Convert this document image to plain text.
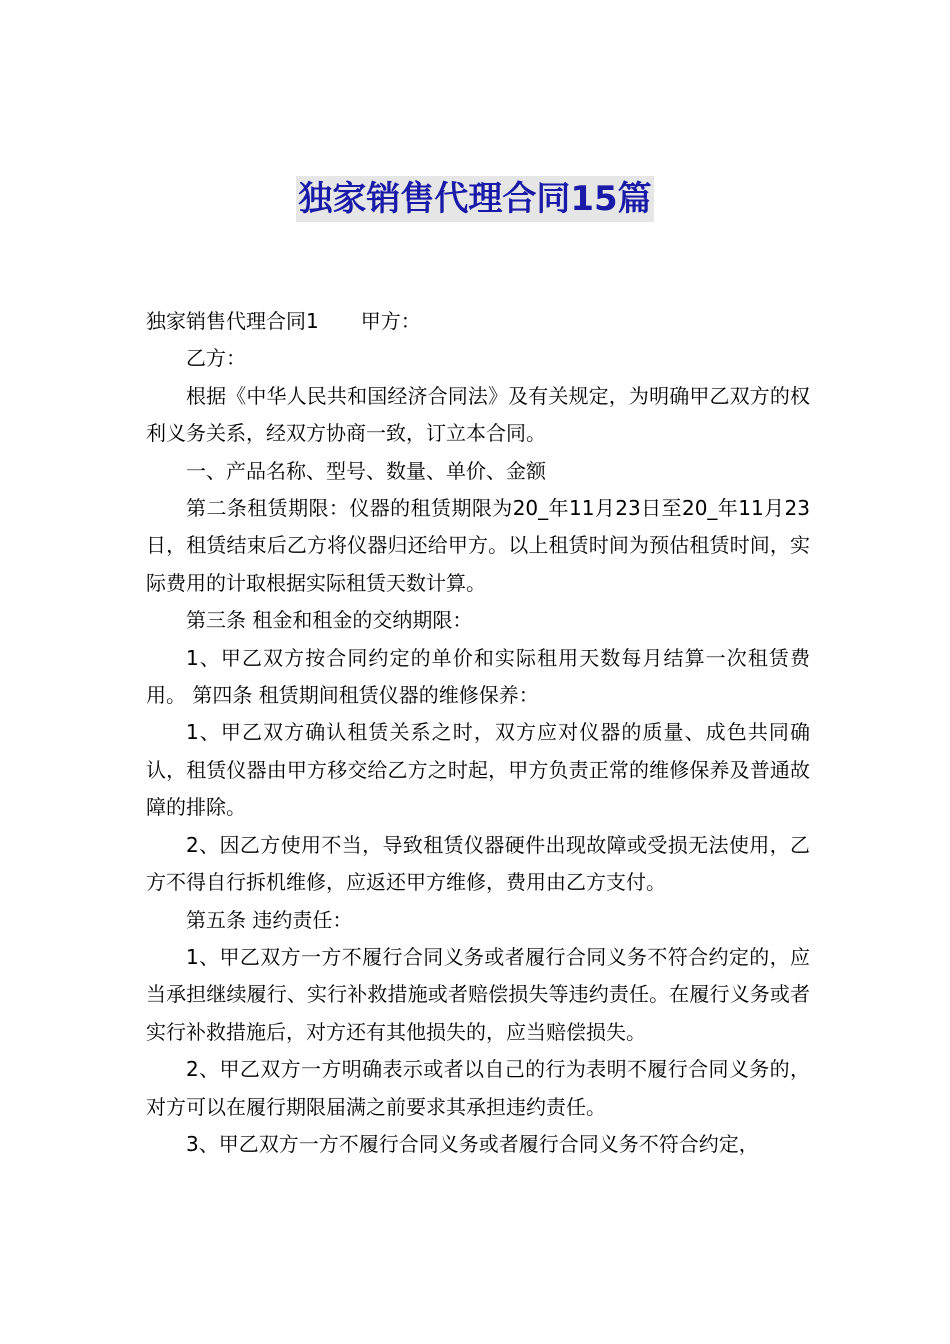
独家销售代理合同15篇

独家销售代理合同1 甲方：

乙方：

根据《中华人民共和国经济合同法》及有关规定，为明确甲乙双方的权利义务关系，经双方协商一致，订立本合同。

一、产品名称、型号、数量、单价、金额

第二条租赁期限：仪器的租赁期限为20_年11月23日至20_年11月23日，租赁结束后乙方将仪器归还给甲方。以上租赁时间为预估租赁时间，实际费用的计取根据实际租赁天数计算。

第三条 租金和租金的交纳期限：

1、甲乙双方按合同约定的单价和实际租用天数每月结算一次租赁费用。 第四条 租赁期间租赁仪器的维修保养：

1、甲乙双方确认租赁关系之时，双方应对仪器的质量、成色共同确认，租赁仪器由甲方移交给乙方之时起，甲方负责正常的维修保养及普通故障的排除。

2、因乙方使用不当，导致租赁仪器硬件出现故障或受损无法使用，乙方不得自行拆机维修，应返还甲方维修，费用由乙方支付。

第五条 违约责任：

1、甲乙双方一方不履行合同义务或者履行合同义务不符合约定的，应当承担继续履行、实行补救措施或者赔偿损失等违约责任。在履行义务或者实行补救措施后，对方还有其他损失的，应当赔偿损失。

2、甲乙双方一方明确表示或者以自己的行为表明不履行合同义务的，对方可以在履行期限届满之前要求其承担违约责任。

3、甲乙双方一方不履行合同义务或者履行合同义务不符合约定，
